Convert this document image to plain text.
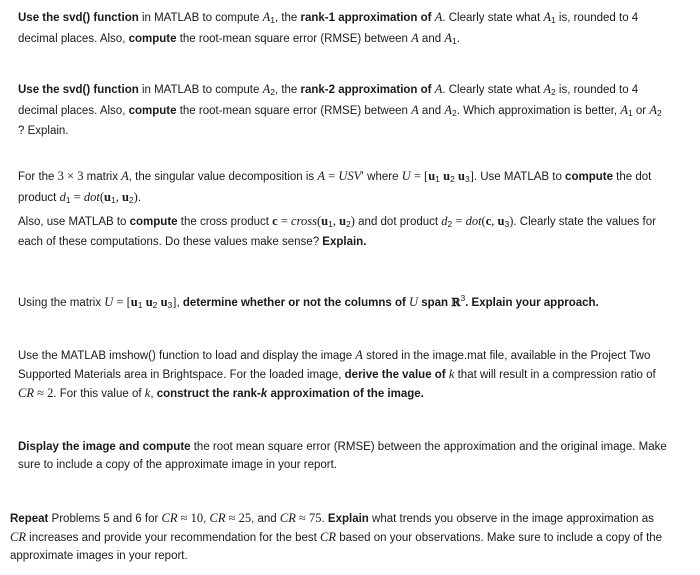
Use the svd() function in MATLAB to compute $A_1$, the rank-1 approximation of A. Clearly state what $A_1$ is, rounded to 4
decimal places. Also, compute the root-mean square error (RMSE) between A and $A_1$.
Use the svd() function in MATLAB to compute $A_2$, the rank-2 approximation of A. Clearly state what $A_2$ is, rounded to 4
decimal places. Also, compute the root-mean square error (RMSE) between A and $A_2$. Which approximation is better, $A_1$ or $A_2$
? Explain.
For the 3 × 3 matrix A, the singular value decomposition is A = USV′ where $U = [u_1$ $u_2$ $u_3$]. Use MATLAB to compute the dot
product $d_1 = dot(u_1$, $u_2$).
Also, use MATLAB to compute the cross product $c = cross(u_1$, $u_2$) and dot product $d_2 = dot(c$, $u_3$). Clearly state the values for
each of these computations. Do these values make sense? Explain.
Using the matrix $U = [u_1$ $u_2$ $u_3$], determine whether or not the columns of U span ℝ$^3$. Explain your approach.
Use the MATLAB imshow() function to load and display the image A stored in the image.mat file, available in the Project Two
Supported Materials area in Brightspace. For the loaded image, derive the value of k that will result in a compression ratio of
CR ≈ 2. For this value of k, construct the rank-k approximation of the image.
Display the image and compute the root mean square error (RMSE) between the approximation and the original image. Make
sure to include a copy of the approximate image in your report.
Repeat Problems 5 and 6 for CR ≈ 10, CR ≈ 25, and CR ≈ 75. Explain what trends you observe in the image approximation as
CR increases and provide your recommendation for the best CR based on your observations. Make sure to include a copy of the
approximate images in your report.
